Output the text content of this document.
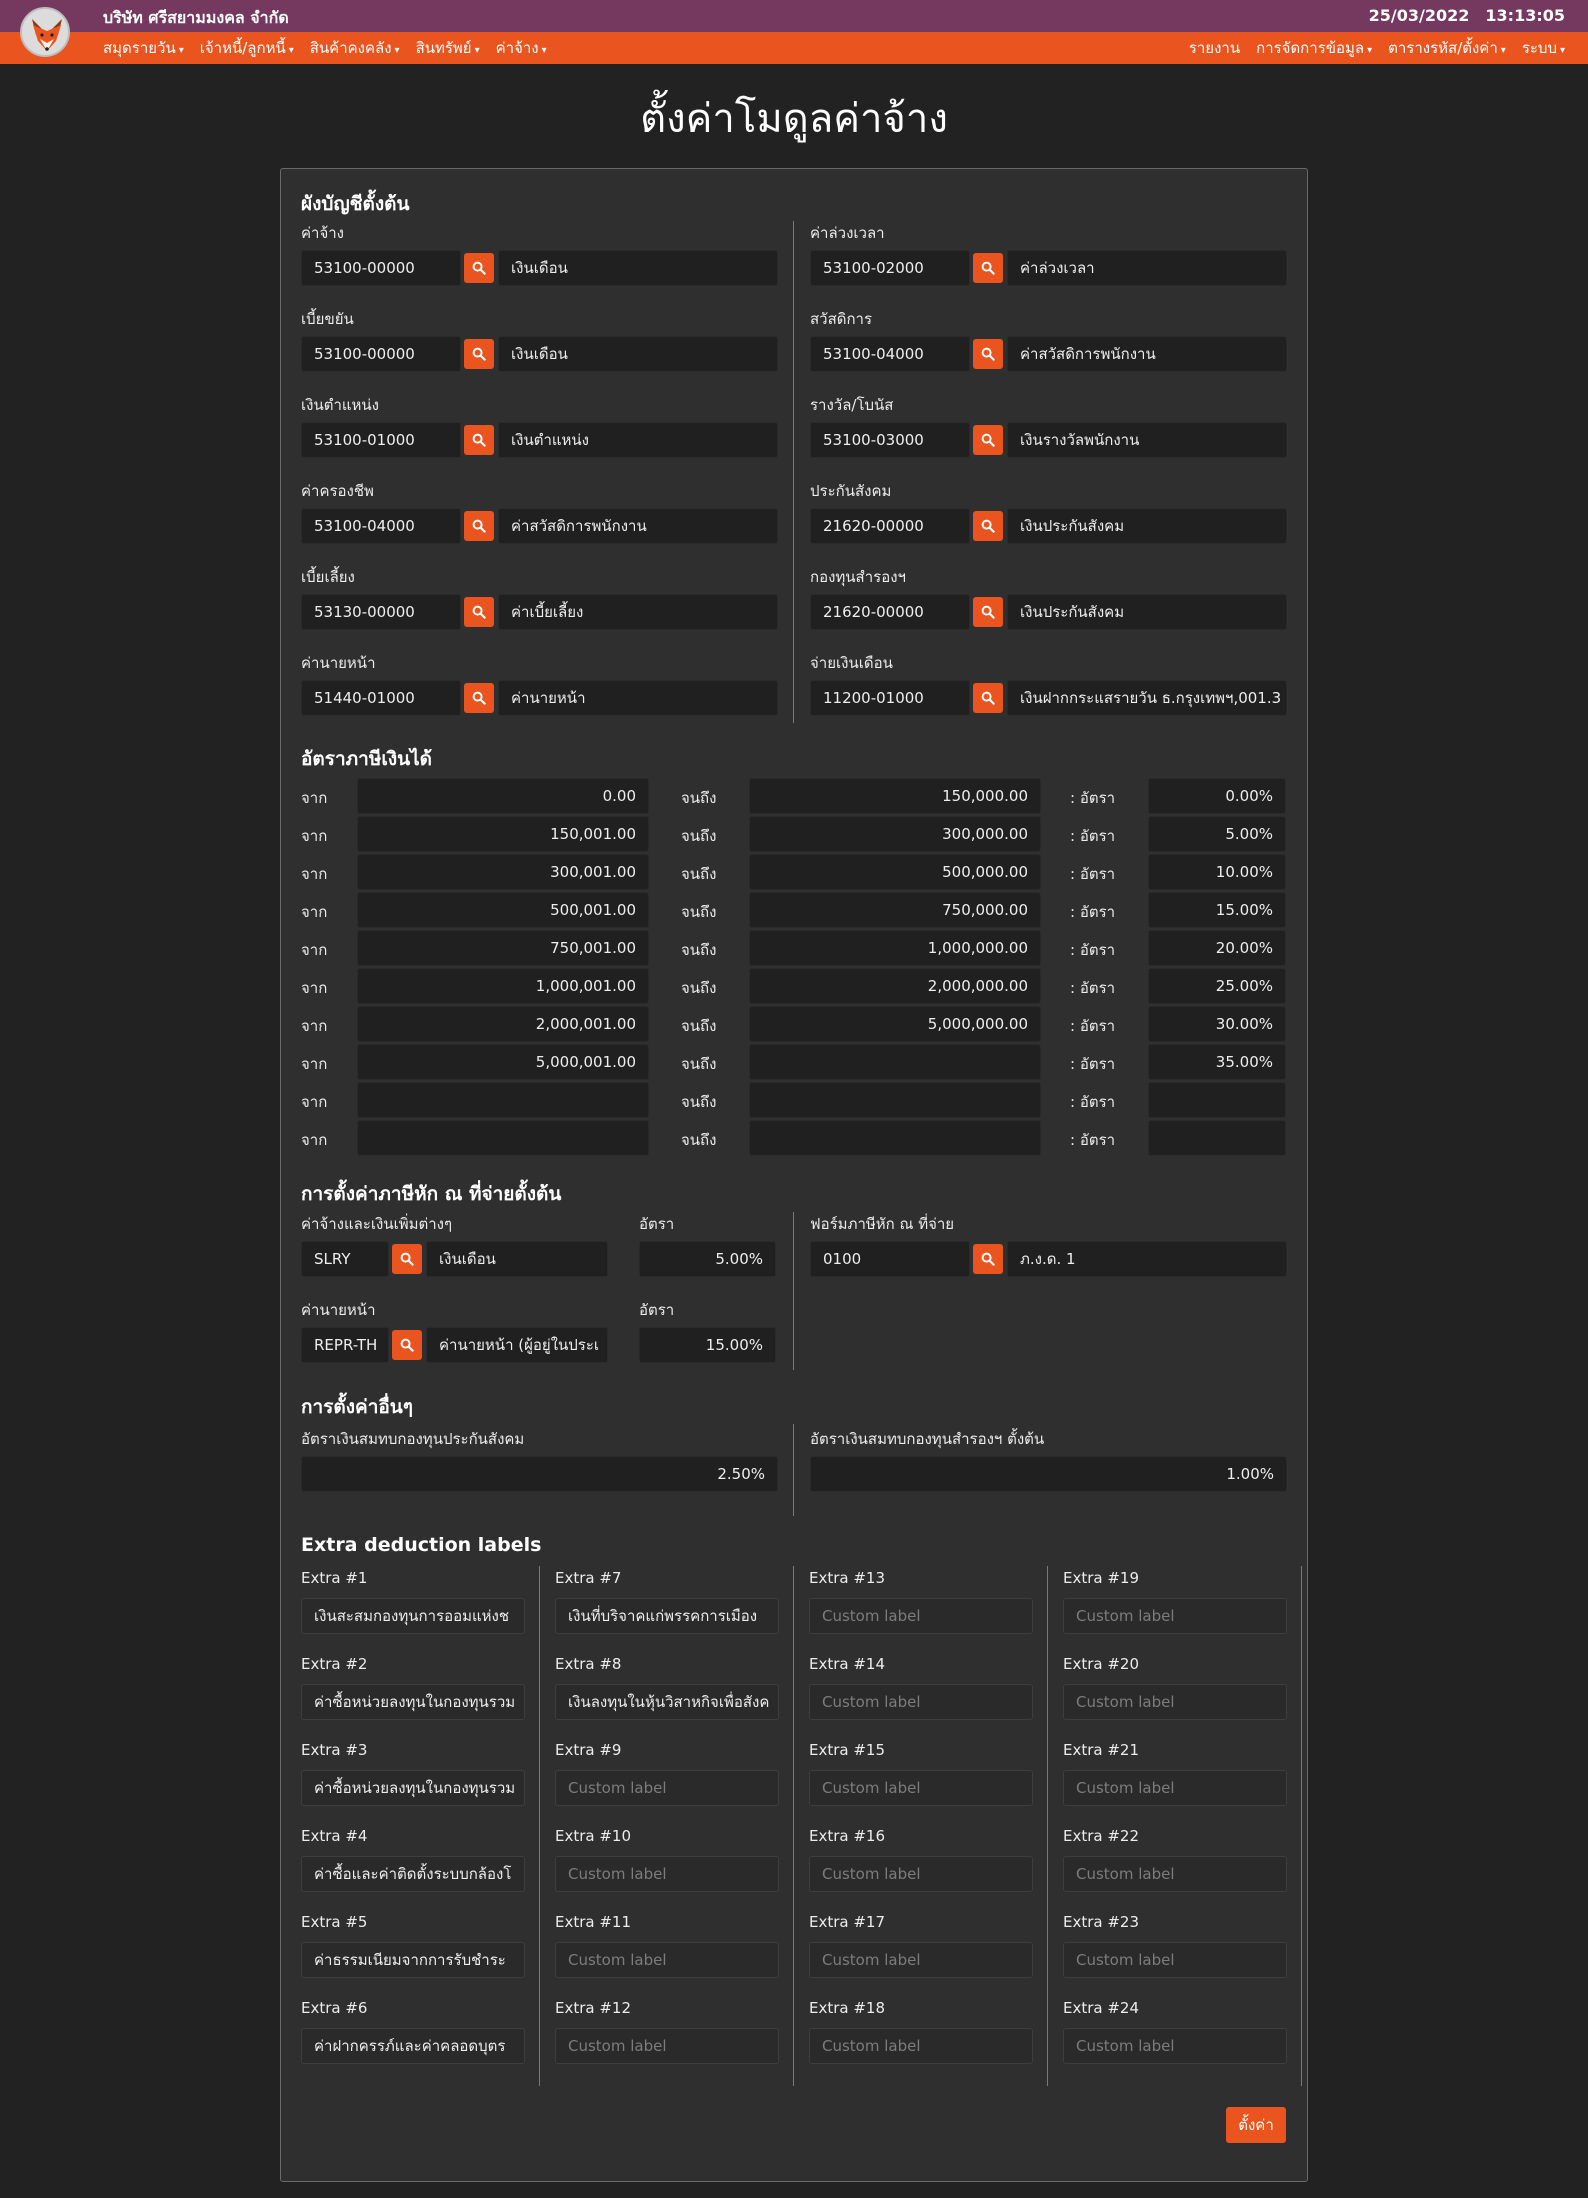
บริษัท ศรีสยามมงคล จำกัด	25/03/2022 13:13:05
สมุดรายวัน ▾ เจ้าหนี้/ลูกหนี้ ▾ สินค้าคงคลัง ▾ สินทรัพย์ ▾ ค่าจ้าง ▾	รายงาน การจัดการข้อมูล ▾ ตารางรหัส/ตั้งค่า ▾ ระบบ ▾
ตั้งค่าโมดูลค่าจ้าง
ผังบัญชีตั้งต้น
อัตราภาษีเงินได้
การตั้งค่าภาษีหัก ณ ที่จ่ายตั้งต้น
การตั้งค่าอื่นๆ
Extra deduction labels
ตั้งค่า
ค่าจ้าง
53100-00000	เงินเดือน
เบี้ยขยัน
53100-00000	เงินเดือน
เงินตำแหน่ง
53100-01000	เงินตำแหน่ง
ค่าครองชีพ
53100-04000	ค่าสวัสดิการพนักงาน
เบี้ยเลี้ยง
53130-00000	ค่าเบี้ยเลี้ยง
ค่านายหน้า
51440-01000	ค่านายหน้า
ค่าล่วงเวลา
53100-02000	ค่าล่วงเวลา
สวัสดิการ
53100-04000	ค่าสวัสดิการพนักงาน
รางวัล/โบนัส
53100-03000	เงินรางวัลพนักงาน
ประกันสังคม
21620-00000	เงินประกันสังคม
กองทุนสำรองฯ
21620-00000	เงินประกันสังคม
จ่ายเงินเดือน
11200-01000	เงินฝากกระแสรายวัน ธ.กรุงเทพฯ,001.3
จาก	0.00	จนถึง	150,000.00	: อัตรา	0.00%
จาก	150,001.00	จนถึง	300,000.00	: อัตรา	5.00%
จาก	300,001.00	จนถึง	500,000.00	: อัตรา	10.00%
จาก	500,001.00	จนถึง	750,000.00	: อัตรา	15.00%
จาก	750,001.00	จนถึง	1,000,000.00	: อัตรา	20.00%
จาก	1,000,001.00	จนถึง	2,000,000.00	: อัตรา	25.00%
จาก	2,000,001.00	จนถึง	5,000,000.00	: อัตรา	30.00%
จาก	5,000,001.00	จนถึง	: อัตรา	35.00%
จาก	จนถึง	: อัตรา
จาก	จนถึง	: อัตรา
ค่าจ้างและเงินเพิ่มต่างๆ
SLRY	เงินเดือน
อัตรา
5.00%
ค่านายหน้า
REPR-TH	ค่านายหน้า (ผู้อยู่ในประเ
อัตรา
15.00%
ฟอร์มภาษีหัก ณ ที่จ่าย
0100	ภ.ง.ด. 1
อัตราเงินสมทบกองทุนประกันสังคม
2.50%
อัตราเงินสมทบกองทุนสำรองฯ ตั้งต้น
1.00%
Extra #1
เงินสะสมกองทุนการออมแห่งช
Extra #2
ค่าซื้อหน่วยลงทุนในกองทุนรวม
Extra #3
ค่าซื้อหน่วยลงทุนในกองทุนรวม
Extra #4
ค่าซื้อและค่าติดตั้งระบบกล้องโ
Extra #5
ค่าธรรมเนียมจากการรับชำระ
Extra #6
ค่าฝากครรภ์และค่าคลอดบุตร
Extra #7
เงินที่บริจาคแก่พรรคการเมือง
Extra #8
เงินลงทุนในหุ้นวิสาหกิจเพื่อสังค
Extra #9
Custom label
Extra #10
Custom label
Extra #11
Custom label
Extra #12
Custom label
Extra #13
Custom label
Extra #14
Custom label
Extra #15
Custom label
Extra #16
Custom label
Extra #17
Custom label
Extra #18
Custom label
Extra #19
Custom label
Extra #20
Custom label
Extra #21
Custom label
Extra #22
Custom label
Extra #23
Custom label
Extra #24
Custom label
